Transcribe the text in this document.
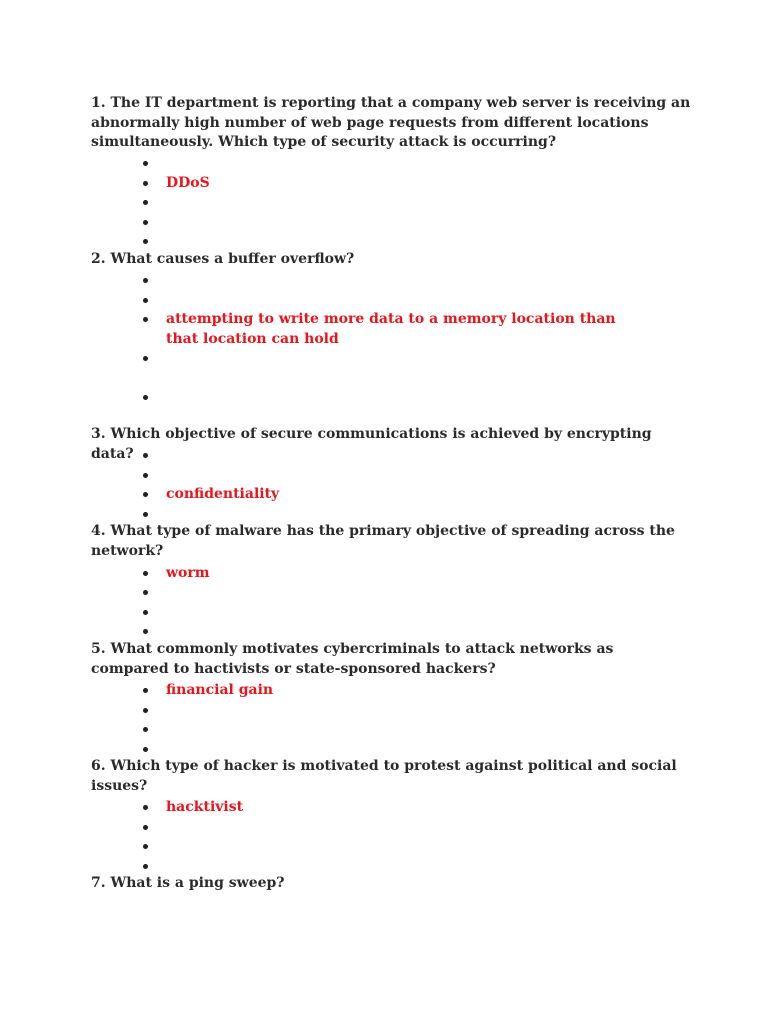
1. The IT department is reporting that a company web server is receiving an abnormally high number of web page requests from different locations simultaneously. Which type of security attack is occurring?

DDoS

2. What causes a buffer overflow?

attempting to write more data to a memory location than that location can hold

3. Which objective of secure communications is achieved by encrypting data?

confidentiality

4. What type of malware has the primary objective of spreading across the network?

worm

5. What commonly motivates cybercriminals to attack networks as compared to hactivists or state-sponsored hackers?

financial gain

6. Which type of hacker is motivated to protest against political and social issues?

hacktivist

7. What is a ping sweep?
